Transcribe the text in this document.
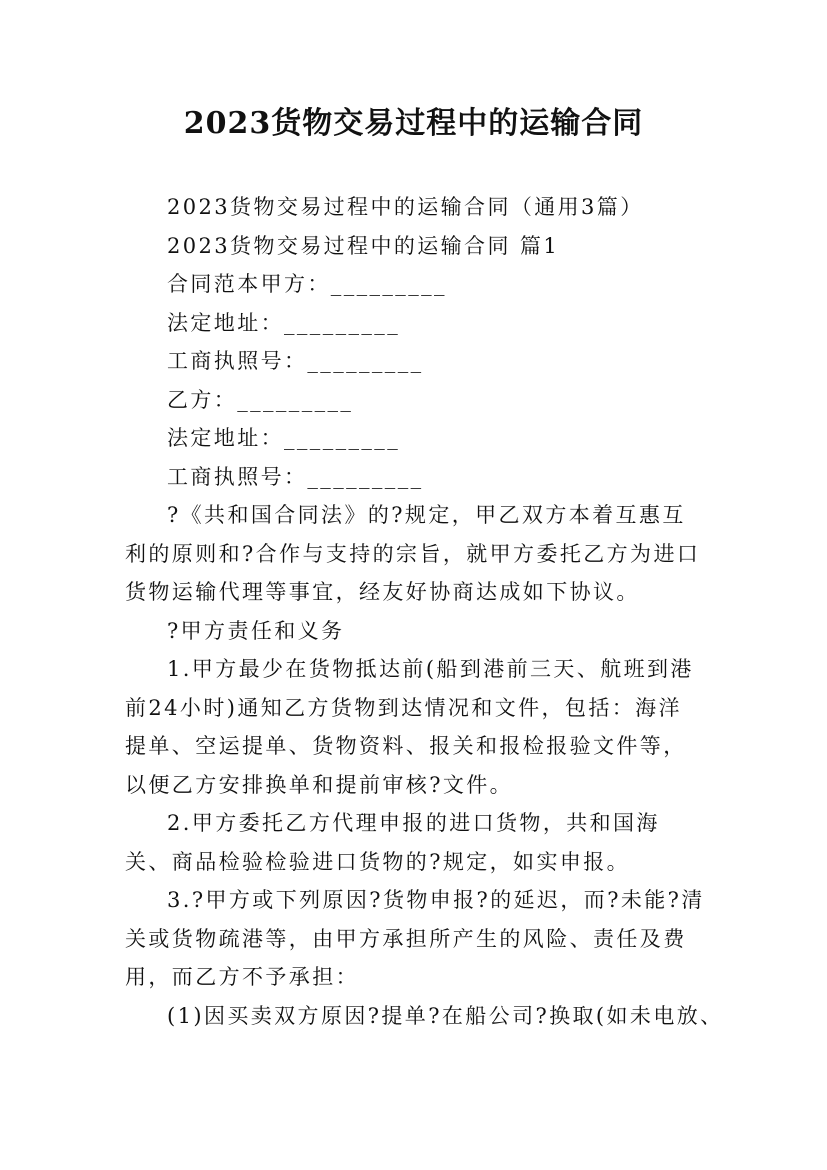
2023货物交易过程中的运输合同

2023货物交易过程中的运输合同（通用3篇）

2023货物交易过程中的运输合同 篇1

合同范本甲方：_________

法定地址：_________

工商执照号：_________

乙方：_________

法定地址：_________

工商执照号：_________

?《共和国合同法》的?规定，甲乙双方本着互惠互利的原则和?合作与支持的宗旨，就甲方委托乙方为进口货物运输代理等事宜，经友好协商达成如下协议。

?甲方责任和义务

1.甲方最少在货物抵达前(船到港前三天、航班到港前24小时)通知乙方货物到达情况和文件，包括：海洋提单、空运提单、货物资料、报关和报检报验文件等，以便乙方安排换单和提前审核?文件。

2.甲方委托乙方代理申报的进口货物，共和国海关、商品检验检验进口货物的?规定，如实申报。

3.?甲方或下列原因?货物申报?的延迟，而?未能?清关或货物疏港等，由甲方承担所产生的风险、责任及费用，而乙方不予承担：

(1)因买卖双方原因?提单?在船公司?换取(如未电放、
